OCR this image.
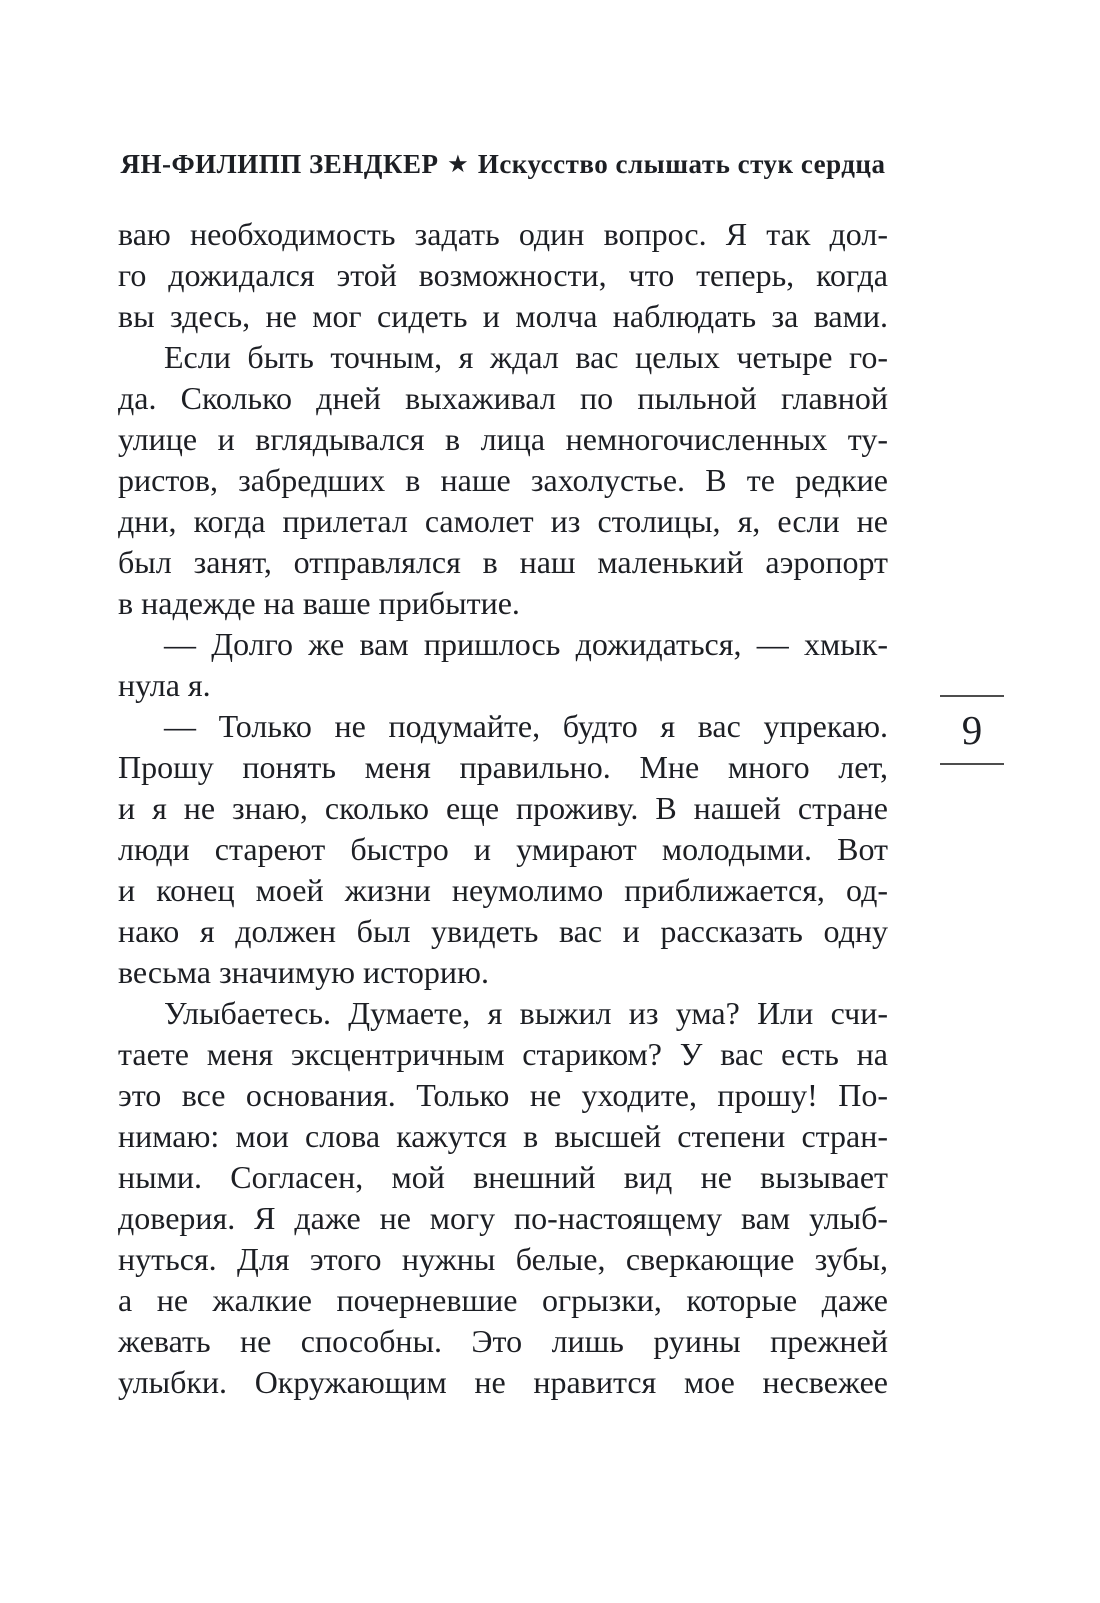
ЯН-ФИЛИПП ЗЕНДКЕР ★ Искусство слышать стук сердца
ваю необходимость задать один вопрос. Я так дол-
го дожидался этой возможности, что теперь, когда
вы здесь, не мог сидеть и молча наблюдать за вами.
Если быть точным, я ждал вас целых четыре го-
да. Сколько дней выхаживал по пыльной главной
улице и вглядывался в лица немногочисленных ту-
ристов, забредших в наше захолустье. В те редкие
дни, когда прилетал самолет из столицы, я, если не
был занят, отправлялся в наш маленький аэропорт
в надежде на ваше прибытие.
— Долго же вам пришлось дожидаться, — хмык-
нула я.
— Только не подумайте, будто я вас упрекаю.
Прошу понять меня правильно. Мне много лет,
и я не знаю, сколько еще проживу. В нашей стране
люди стареют быстро и умирают молодыми. Вот
и конец моей жизни неумолимо приближается, од-
нако я должен был увидеть вас и рассказать одну
весьма значимую историю.
Улыбаетесь. Думаете, я выжил из ума? Или счи-
таете меня эксцентричным стариком? У вас есть на
это все основания. Только не уходите, прошу! По-
нимаю: мои слова кажутся в высшей степени стран-
ными. Согласен, мой внешний вид не вызывает
доверия. Я даже не могу по-настоящему вам улыб-
нуться. Для этого нужны белые, сверкающие зубы,
а не жалкие почерневшие огрызки, которые даже
жевать не способны. Это лишь руины прежней
улыбки. Окружающим не нравится мое несвежее
9
